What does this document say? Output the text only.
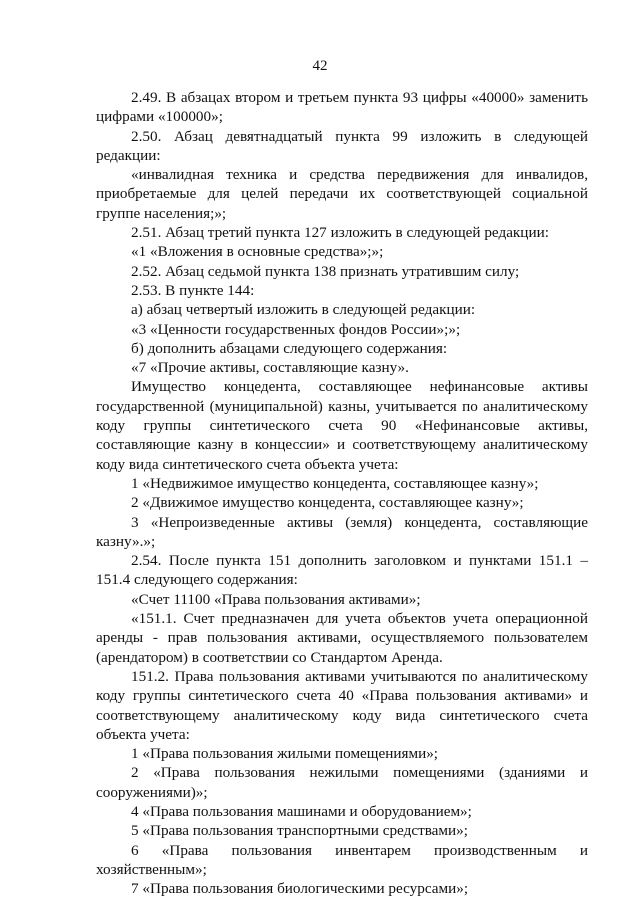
42

2.49. В абзацах втором и третьем пункта 93 цифры «40000» заменить цифрами «100000»;

2.50. Абзац девятнадцатый пункта 99 изложить в следующей редакции:

«инвалидная техника и средства передвижения для инвалидов, приобретаемые для целей передачи их соответствующей социальной группе населения;»;

2.51. Абзац третий пункта 127 изложить в следующей редакции:

«1 «Вложения в основные средства»;»;

2.52. Абзац седьмой пункта 138 признать утратившим силу;

2.53. В пункте 144:

а) абзац четвертый изложить в следующей редакции:

«3 «Ценности государственных фондов России»;»;

б) дополнить абзацами следующего содержания:

«7 «Прочие активы, составляющие казну».

Имущество концедента, составляющее нефинансовые активы государственной (муниципальной) казны, учитывается по аналитическому коду группы синтетического счета 90 «Нефинансовые активы, составляющие казну в концессии» и соответствующему аналитическому коду вида синтетического счета объекта учета:

1 «Недвижимое имущество концедента, составляющее казну»;

2 «Движимое имущество концедента, составляющее казну»;

3 «Непроизведенные активы (земля) концедента, составляющие казну».»;

2.54. После пункта 151 дополнить заголовком и пунктами 151.1 – 151.4 следующего содержания:

«Счет 11100 «Права пользования активами»;

«151.1. Счет предназначен для учета объектов учета операционной аренды - прав пользования активами, осуществляемого пользователем (арендатором) в соответствии со Стандартом Аренда.

151.2. Права пользования активами учитываются по аналитическому коду группы синтетического счета 40 «Права пользования активами» и соответствующему аналитическому коду вида синтетического счета объекта учета:

1 «Права пользования жилыми помещениями»;

2 «Права пользования нежилыми помещениями (зданиями и сооружениями)»;

4 «Права пользования машинами и оборудованием»;

5 «Права пользования транспортными средствами»;

6 «Права пользования инвентарем производственным и хозяйственным»;

7 «Права пользования биологическими ресурсами»;
